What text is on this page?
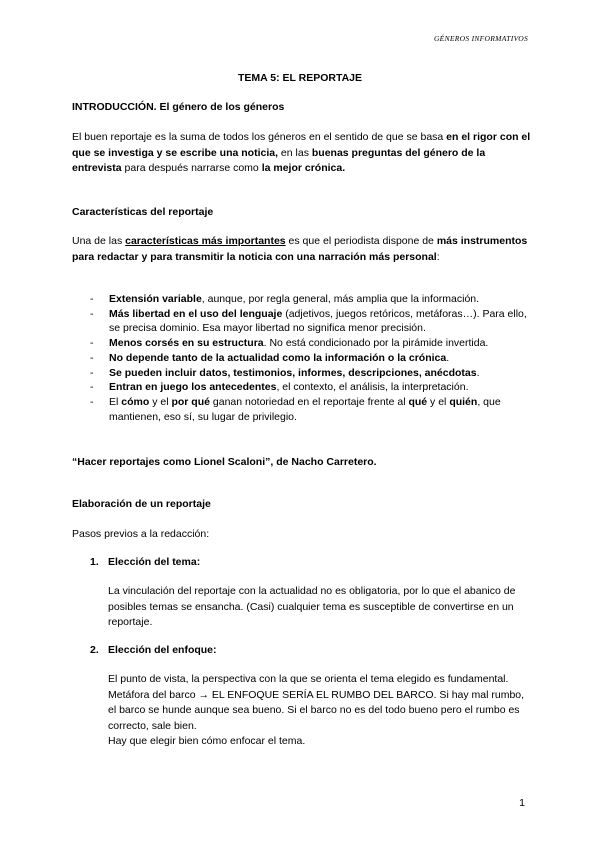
GÉNEROS INFORMATIVOS
TEMA 5: EL REPORTAJE
INTRODUCCIÓN. El género de los géneros
El buen reportaje es la suma de todos los géneros en el sentido de que se basa en el rigor con el que se investiga y se escribe una noticia, en las buenas preguntas del género de la entrevista para después narrarse como la mejor crónica.
Características del reportaje
Una de las características más importantes es que el periodista dispone de más instrumentos para redactar y para transmitir la noticia con una narración más personal:
- Extensión variable, aunque, por regla general, más amplia que la información.
- Más libertad en el uso del lenguaje (adjetivos, juegos retóricos, metáforas…). Para ello, se precisa dominio. Esa mayor libertad no significa menor precisión.
- Menos corsés en su estructura. No está condicionado por la pirámide invertida.
- No depende tanto de la actualidad como la información o la crónica.
- Se pueden incluir datos, testimonios, informes, descripciones, anécdotas.
- Entran en juego los antecedentes, el contexto, el análisis, la interpretación.
- El cómo y el por qué ganan notoriedad en el reportaje frente al qué y el quién, que mantienen, eso sí, su lugar de privilegio.
“Hacer reportajes como Lionel Scaloni”, de Nacho Carretero.
Elaboración de un reportaje
Pasos previos a la redacción:
1. Elección del tema:
La vinculación del reportaje con la actualidad no es obligatoria, por lo que el abanico de posibles temas se ensancha. (Casi) cualquier tema es susceptible de convertirse en un reportaje.
2. Elección del enfoque:
El punto de vista, la perspectiva con la que se orienta el tema elegido es fundamental. Metáfora del barco → EL ENFOQUE SERÍA EL RUMBO DEL BARCO. Si hay mal rumbo, el barco se hunde aunque sea bueno. Si el barco no es del todo bueno pero el rumbo es correcto, sale bien.
Hay que elegir bien cómo enfocar el tema.
1
